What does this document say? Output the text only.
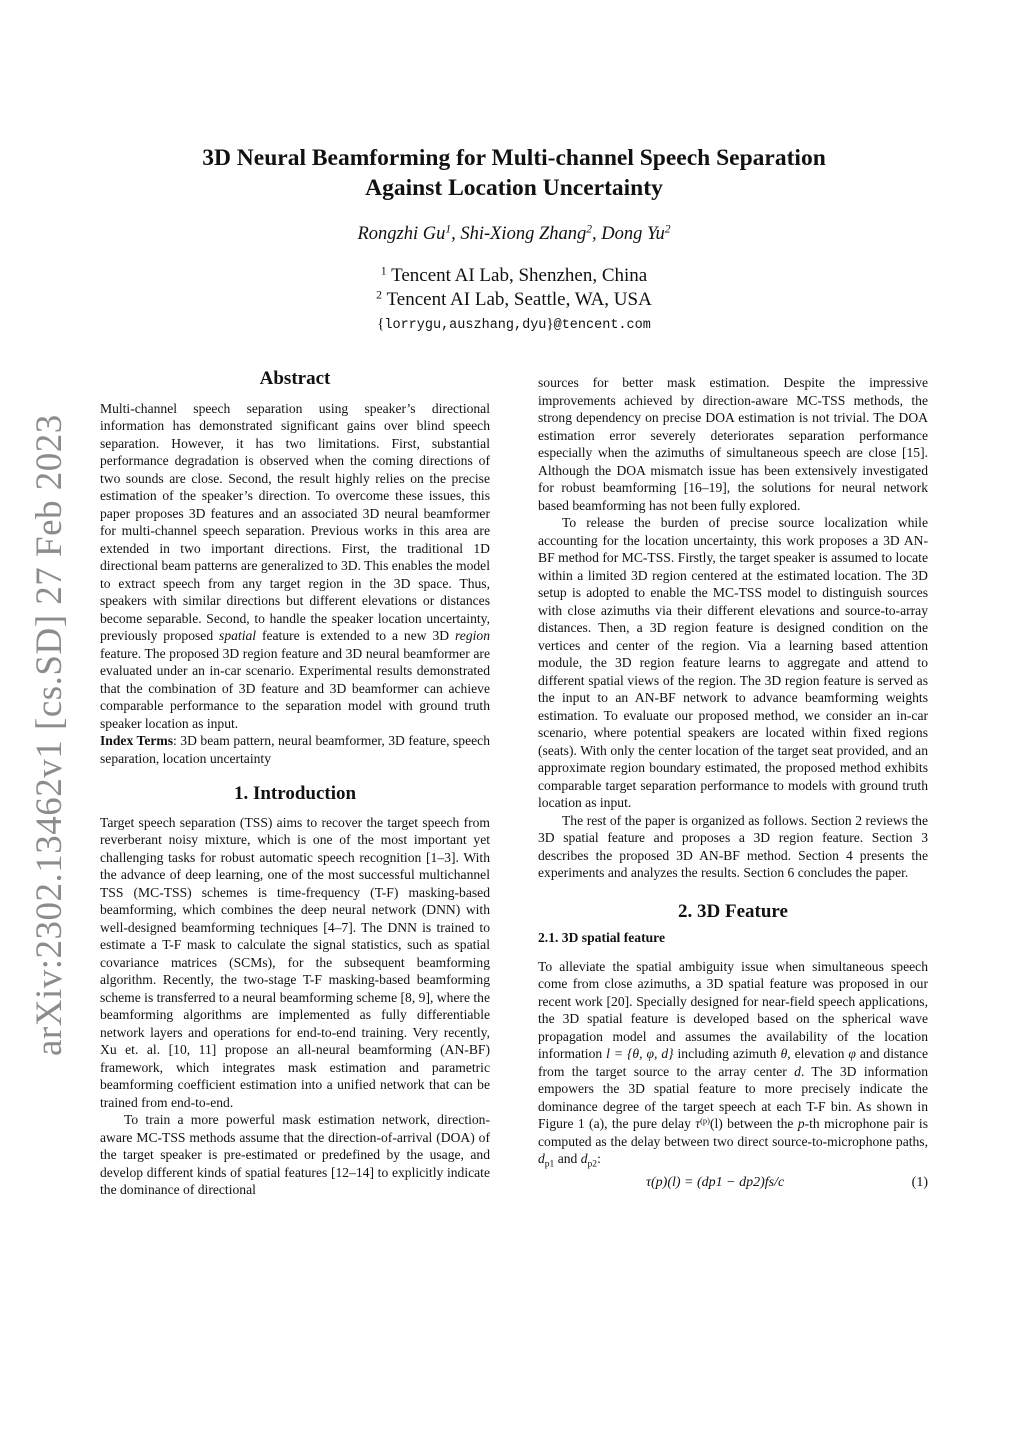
arXiv:2302.13462v1 [cs.SD] 27 Feb 2023
3D Neural Beamforming for Multi-channel Speech Separation
Against Location Uncertainty
Rongzhi Gu$^1$, Shi-Xiong Zhang$^2$, Dong Yu$^2$
$^1$ Tencent AI Lab, Shenzhen, China
$^2$ Tencent AI Lab, Seattle, WA, USA
{lorrygu,auszhang,dyu}@tencent.com
Abstract

Multi-channel speech separation using speaker’s directional information has demonstrated significant gains over blind speech separation. However, it has two limitations. First, substantial performance degradation is observed when the coming directions of two sounds are close. Second, the result highly relies on the precise estimation of the speaker’s direction. To overcome these issues, this paper proposes 3D features and an associated 3D neural beamformer for multi-channel speech separation. Previous works in this area are extended in two important directions. First, the traditional 1D directional beam patterns are generalized to 3D. This enables the model to extract speech from any target region in the 3D space. Thus, speakers with similar directions but different elevations or distances become separable. Second, to handle the speaker location uncertainty, previously proposed spatial feature is extended to a new 3D region feature. The proposed 3D region feature and 3D neural beamformer are evaluated under an in-car scenario. Experimental results demonstrated that the combination of 3D feature and 3D beamformer can achieve comparable performance to the separation model with ground truth speaker location as input.

Index Terms: 3D beam pattern, neural beamformer, 3D feature, speech separation, location uncertainty

1. Introduction

Target speech separation (TSS) aims to recover the target speech from reverberant noisy mixture, which is one of the most important yet challenging tasks for robust automatic speech recognition [1–3]. With the advance of deep learning, one of the most successful multichannel TSS (MC-TSS) schemes is time-frequency (T-F) masking-based beamforming, which combines the deep neural network (DNN) with well-designed beamforming techniques [4–7]. The DNN is trained to estimate a T-F mask to calculate the signal statistics, such as spatial covariance matrices (SCMs), for the subsequent beamforming algorithm. Recently, the two-stage T-F masking-based beamforming scheme is transferred to a neural beamforming scheme [8, 9], where the beamforming algorithms are implemented as fully differentiable network layers and operations for end-to-end training. Very recently, Xu et. al. [10, 11] propose an all-neural beamforming (AN-BF) framework, which integrates mask estimation and parametric beamforming coefficient estimation into a unified network that can be trained from end-to-end.

To train a more powerful mask estimation network, direction-aware MC-TSS methods assume that the direction-of-arrival (DOA) of the target speaker is pre-estimated or predefined by the usage, and develop different kinds of spatial features [12–14] to explicitly indicate the dominance of directional

sources for better mask estimation. Despite the impressive improvements achieved by direction-aware MC-TSS methods, the strong dependency on precise DOA estimation is not trivial. The DOA estimation error severely deteriorates separation performance especially when the azimuths of simultaneous speech are close [15]. Although the DOA mismatch issue has been extensively investigated for robust beamforming [16–19], the solutions for neural network based beamforming has not been fully explored.

To release the burden of precise source localization while accounting for the location uncertainty, this work proposes a 3D AN-BF method for MC-TSS. Firstly, the target speaker is assumed to locate within a limited 3D region centered at the estimated location. The 3D setup is adopted to enable the MC-TSS model to distinguish sources with close azimuths via their different elevations and source-to-array distances. Then, a 3D region feature is designed condition on the vertices and center of the region. Via a learning based attention module, the 3D region feature learns to aggregate and attend to different spatial views of the region. The 3D region feature is served as the input to an AN-BF network to advance beamforming weights estimation. To evaluate our proposed method, we consider an in-car scenario, where potential speakers are located within fixed regions (seats). With only the center location of the target seat provided, and an approximate region boundary estimated, the proposed method exhibits comparable target separation performance to models with ground truth location as input.

The rest of the paper is organized as follows. Section 2 reviews the 3D spatial feature and proposes a 3D region feature. Section 3 describes the proposed 3D AN-BF method. Section 4 presents the experiments and analyzes the results. Section 6 concludes the paper.

2. 3D Feature
2.1. 3D spatial feature

To alleviate the spatial ambiguity issue when simultaneous speech come from close azimuths, a 3D spatial feature was proposed in our recent work [20]. Specially designed for near-field speech applications, the 3D spatial feature is developed based on the spherical wave propagation model and assumes the availability of the location information l = {θ, φ, d} including azimuth θ, elevation φ and distance from the target source to the array center d. The 3D information empowers the 3D spatial feature to more precisely indicate the dominance degree of the target speech at each T-F bin. As shown in Figure 1 (a), the pure delay $\tau^{(p)}(l)$ between the p-th microphone pair is computed as the delay between two direct source-to-microphone paths, $d_{p1}$ and $d_{p2}$:

τ(p)(l) = (dp1 − dp2)fs/c	(1)
